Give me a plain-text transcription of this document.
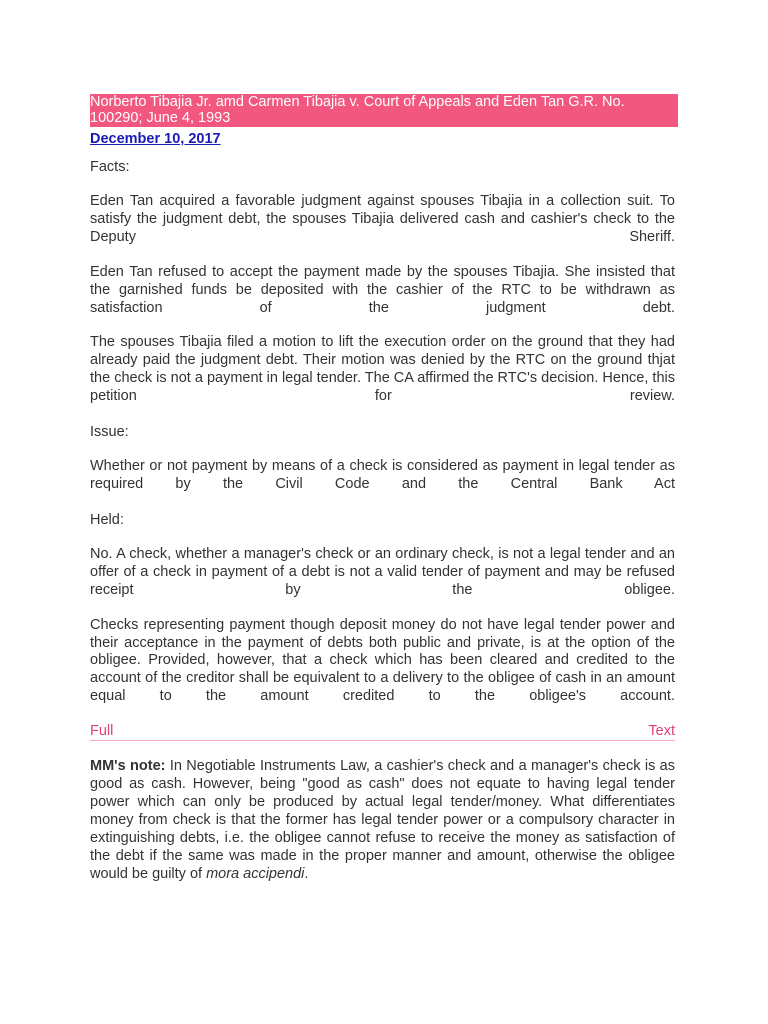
Norberto Tibajia Jr. amd Carmen Tibajia v. Court of Appeals and Eden Tan G.R. No. 100290; June 4, 1993
December 10, 2017

Facts:

Eden Tan acquired a favorable judgment against spouses Tibajia in a collection suit. To satisfy the judgment debt, the spouses Tibajia delivered cash and cashier's check to the Deputy Sheriff.

Eden Tan refused to accept the payment made by the spouses Tibajia. She insisted that the garnished funds be deposited with the cashier of the RTC to be withdrawn as satisfaction of the judgment debt.

The spouses Tibajia filed a motion to lift the execution order on the ground that they had already paid the judgment debt. Their motion was denied by the RTC on the ground thjat the check is not a payment in legal tender. The CA affirmed the RTC's decision. Hence, this petition for review.

Issue:

Whether or not payment by means of a check is considered as payment in legal tender as required by the Civil Code and the Central Bank Act

Held:

No. A check, whether a manager's check or an ordinary check, is not a legal tender and an offer of a check in payment of a debt is not a valid tender of payment and may be refused receipt by the obligee.

Checks representing payment though deposit money do not have legal tender power and their acceptance in the payment of debts both public and private, is at the option of the obligee. Provided, however, that a check which has been cleared and credited to the account of the creditor shall be equivalent to a delivery to the obligee of cash in an amount equal to the amount credited to the obligee's account.

Full	Text

MM's note: In Negotiable Instruments Law, a cashier's check and a manager's check is as good as cash. However, being "good as cash" does not equate to having legal tender power which can only be produced by actual legal tender/money. What differentiates money from check is that the former has legal tender power or a compulsory character in extinguishing debts, i.e. the obligee cannot refuse to receive the money as satisfaction of the debt if the same was made in the proper manner and amount, otherwise the obligee would be guilty of mora accipendi.
